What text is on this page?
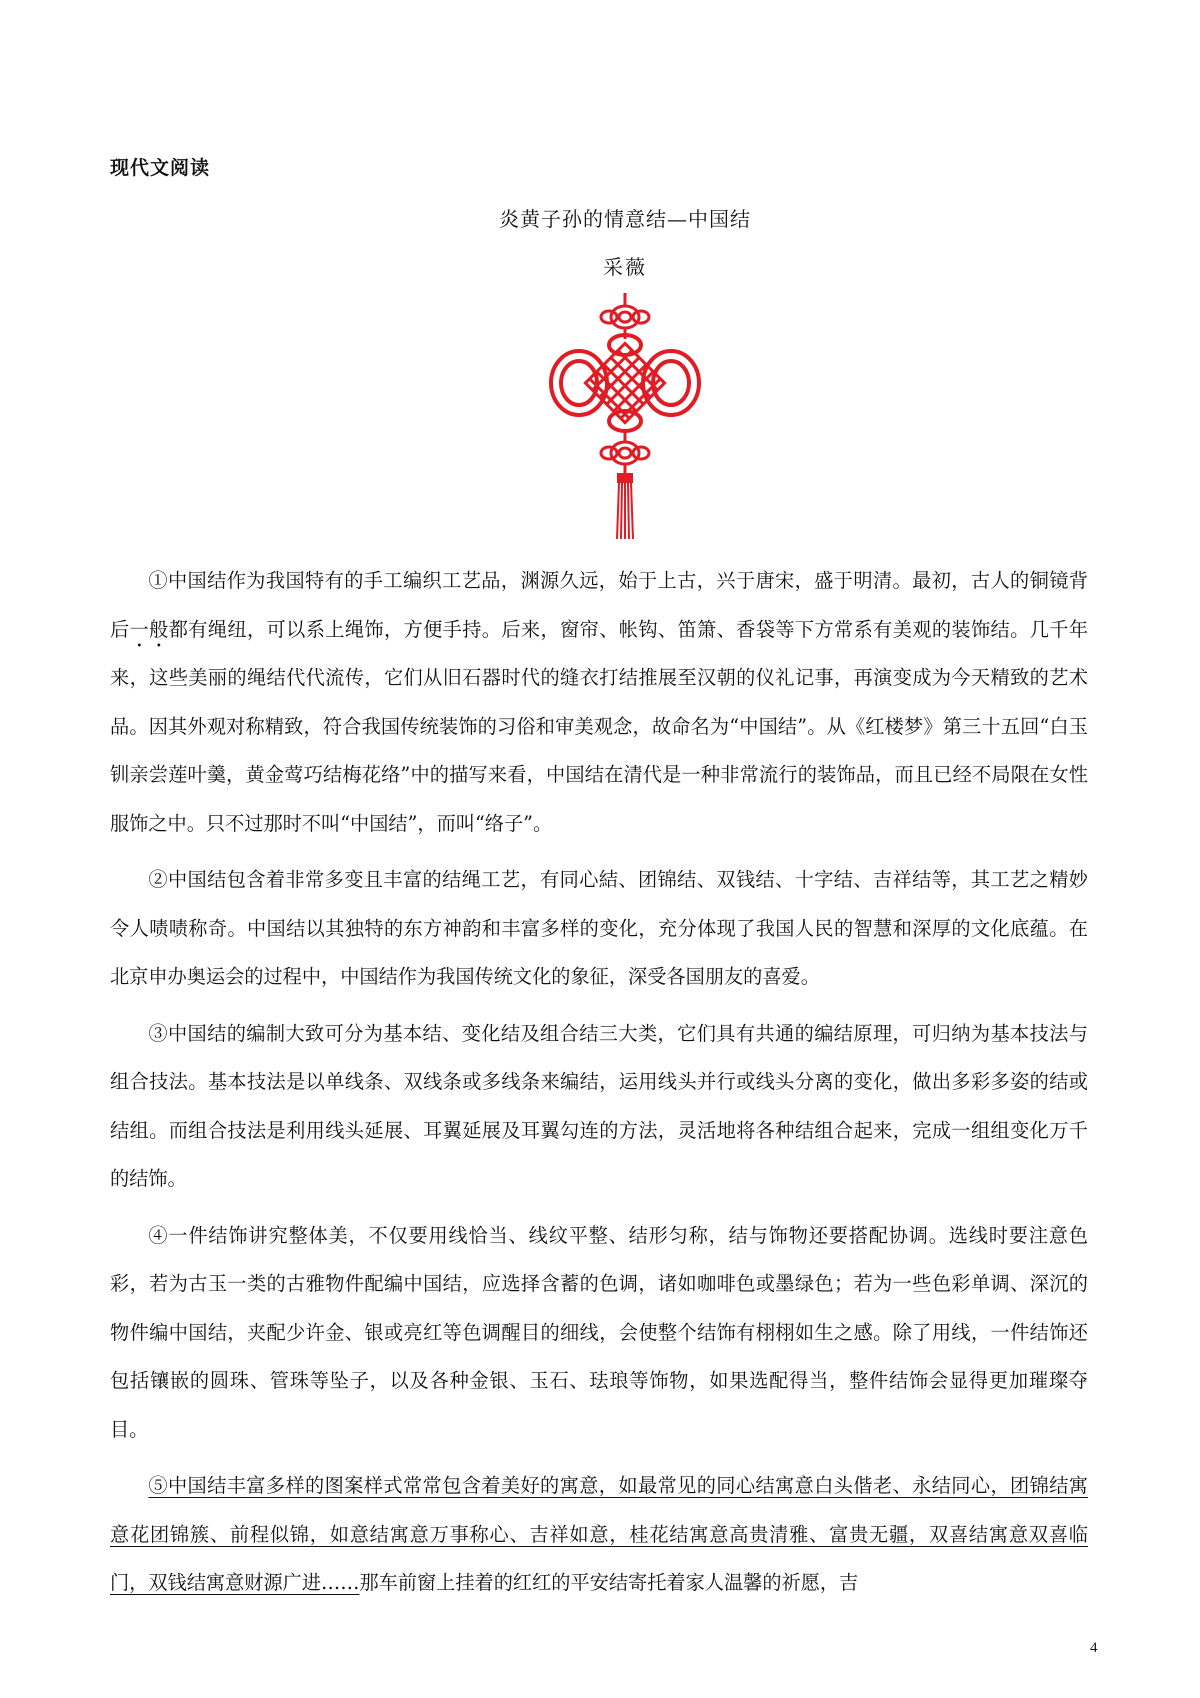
现代文阅读
炎黄子孙的情意结—中国结
采薇

①中国结作为我国特有的手工编织工艺品，渊源久远，始于上古，兴于唐宋，盛于明清。最初，古人的铜镜背后一般都有绳纽，可以系上绳饰，方便手持。后来，窗帘、帐钩、笛箫、香袋等下方常系有美观的装饰结。几千年来，这些美丽的绳结代代流传，它们从旧石器时代的缝衣打结推展至汉朝的仪礼记事，再演变成为今天精致的艺术品。因其外观对称精致，符合我国传统装饰的习俗和审美观念，故命名为“中国结”。从《红楼梦》第三十五回“白玉钏亲尝莲叶羹，黄金莺巧结梅花络”中的描写来看，中国结在清代是一种非常流行的装饰品，而且已经不局限在女性服饰之中。只不过那时不叫“中国结”，而叫“络子”。

②中国结包含着非常多变且丰富的结绳工艺，有同心結、团锦结、双钱结、十字结、吉祥结等，其工艺之精妙令人啧啧称奇。中国结以其独特的东方神韵和丰富多样的变化，充分体现了我国人民的智慧和深厚的文化底蕴。在北京申办奥运会的过程中，中国结作为我国传统文化的象征，深受各国朋友的喜爱。

③中国结的编制大致可分为基本结、变化结及组合结三大类，它们具有共通的编结原理，可归纳为基本技法与组合技法。基本技法是以单线条、双线条或多线条来编结，运用线头并行或线头分离的变化，做出多彩多姿的结或结组。而组合技法是利用线头延展、耳翼延展及耳翼勾连的方法，灵活地将各种结组合起来，完成一组组变化万千的结饰。

④一件结饰讲究整体美，不仅要用线恰当、线纹平整、结形匀称，结与饰物还要搭配协调。选线时要注意色彩，若为古玉一类的古雅物件配编中国结，应选择含蓄的色调，诸如咖啡色或墨绿色；若为一些色彩单调、深沉的物件编中国结，夹配少许金、银或亮红等色调醒目的细线，会使整个结饰有栩栩如生之感。除了用线，一件结饰还包括镶嵌的圆珠、管珠等坠子，以及各种金银、玉石、珐琅等饰物，如果选配得当，整件结饰会显得更加璀璨夺目。

⑤中国结丰富多样的图案样式常常包含着美好的寓意，如最常见的同心结寓意白头偕老、永结同心，团锦结寓意花团锦簇、前程似锦，如意结寓意万事称心、吉祥如意，桂花结寓意高贵清雅、富贵无疆，双喜结寓意双喜临门，双钱结寓意财源广进……那车前窗上挂着的红红的平安结寄托着家人温馨的祈愿，吉

4
